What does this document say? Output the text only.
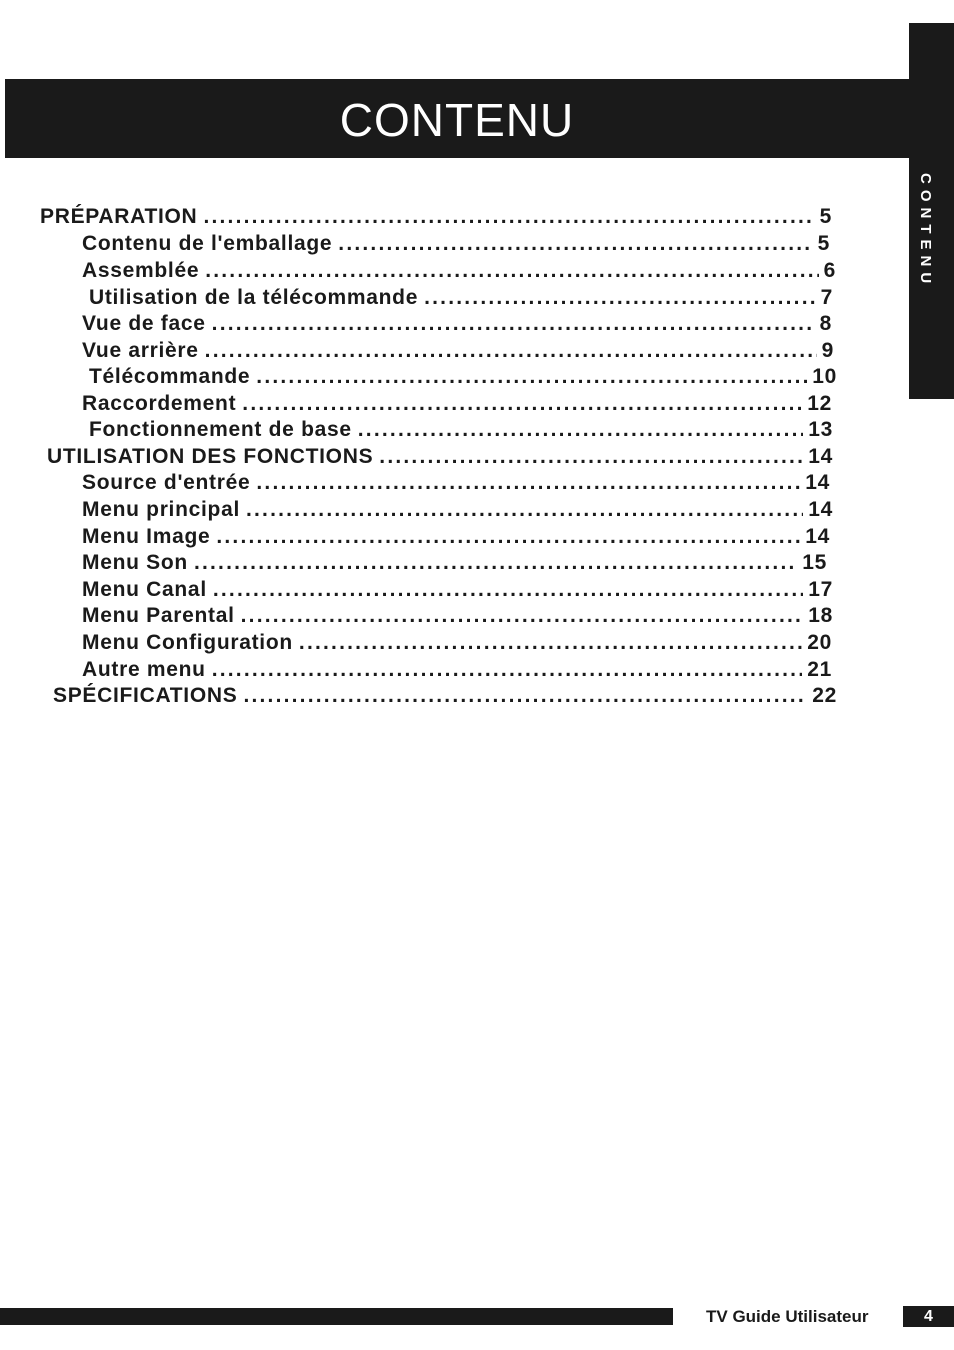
CONTENU
CONTENU
PRÉPARATION .....	5
Contenu de l'emballage .....	5
Assemblée .....	6
Utilisation de la télécommande .....	7
Vue de face .....	8
Vue arrière .....	9
Télécommande .....	10
Raccordement .....	12
Fonctionnement de base .....	13
UTILISATION DES FONCTIONS .....	14
Source d'entrée .....	14
Menu principal .....	14
Menu Image .....	14
Menu Son .....	15
Menu Canal .....	17
Menu Parental .....	18
Menu Configuration .....	20
Autre menu .....	21
SPÉCIFICATIONS .....	22
TV Guide Utilisateur	4
